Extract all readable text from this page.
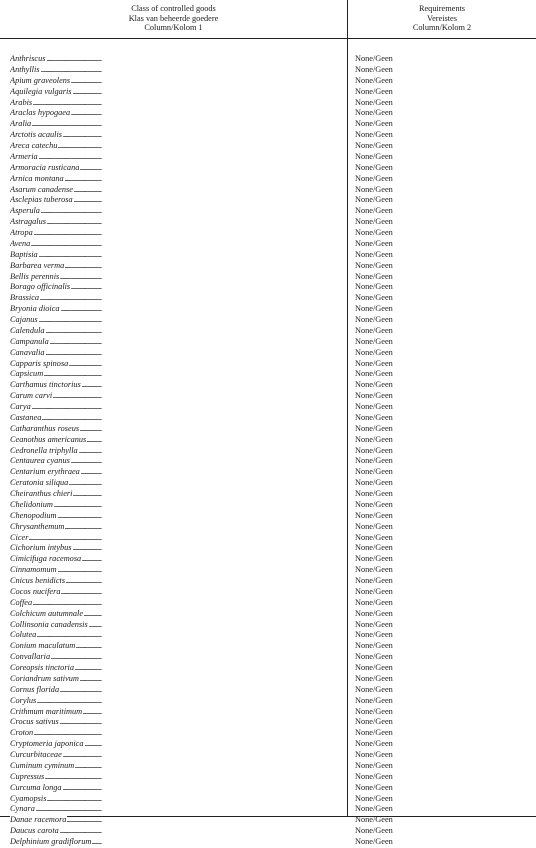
Class of controlled goods
Klas van beheerde goedere
Column/Kolom 1
Requirements
Vereistes
Column/Kolom 2
Anthriscus . . .	None/Geen
Anthyllis . . .	None/Geen
Apium graveolens . . .	None/Geen
Aquilegia vulgaris . . .	None/Geen
Arabis . . .	None/Geen
Araclas hypogaea . . .	None/Geen
Aralia . . .	None/Geen
Arctotis acaulis . . .	None/Geen
Areca catechu . . .	None/Geen
Armeria . . .	None/Geen
Armoracia rusticana . . .	None/Geen
Arnica montana . . .	None/Geen
Asarum canadense . . .	None/Geen
Asclepias tuberosa . . .	None/Geen
Asperula . . .	None/Geen
Astragalus . . .	None/Geen
Atropa . . .	None/Geen
Avena . . .	None/Geen
Baptisia . . .	None/Geen
Barbarea verma . . .	None/Geen
Bellis perennis . . .	None/Geen
Borago officinalis . . .	None/Geen
Brassica . . .	None/Geen
Bryonia dioica . . .	None/Geen
Cajanus . . .	None/Geen
Calendula . . .	None/Geen
Campanula . . .	None/Geen
Canavalia . . .	None/Geen
Capparis spinosa . . .	None/Geen
Capsicum . . .	None/Geen
Carthamus tinctorius . . .	None/Geen
Carum carvi . . .	None/Geen
Carya . . .	None/Geen
Castanea . . .	None/Geen
Catharanthus roseus . . .	None/Geen
Ceanothus americanus . . .	None/Geen
Cedronella triphylla . . .	None/Geen
Centaurea cyanus . . .	None/Geen
Centarium erythraea . . .	None/Geen
Ceratonia siliqua . . .	None/Geen
Cheiranthus chieri . . .	None/Geen
Chelidonium . . .	None/Geen
Chenopodium . . .	None/Geen
Chrysanthemum . . .	None/Geen
Cicer . . .	None/Geen
Cichorium intybus . . .	None/Geen
Cimicifuga racemosa . . .	None/Geen
Cinnamomum . . .	None/Geen
Cnicus benidicts . . .	None/Geen
Cocos nucifera . . .	None/Geen
Coffea . . .	None/Geen
Colchicum autumnale . . .	None/Geen
Collinsonia canadensis . . .	None/Geen
Colutea . . .	None/Geen
Conium maculatum . . .	None/Geen
Convallaria . . .	None/Geen
Coreopsis tinctoria . . .	None/Geen
Coriandrum sativum . . .	None/Geen
Cornus florida . . .	None/Geen
Corylus . . .	None/Geen
Crithmum maritimum . . .	None/Geen
Crocus sativus . . .	None/Geen
Croton . . .	None/Geen
Cryptomeria japonica . . .	None/Geen
Curcurbitaceae . . .	None/Geen
Cuminum cyminum . . .	None/Geen
Cupressus . . .	None/Geen
Curcuma longa . . .	None/Geen
Cyamopsis . . .	None/Geen
Cynara . . .	None/Geen
Danae racemora . . .	None/Geen
Daucus carota . . .	None/Geen
Delphinium gradiflorum . . .	None/Geen
